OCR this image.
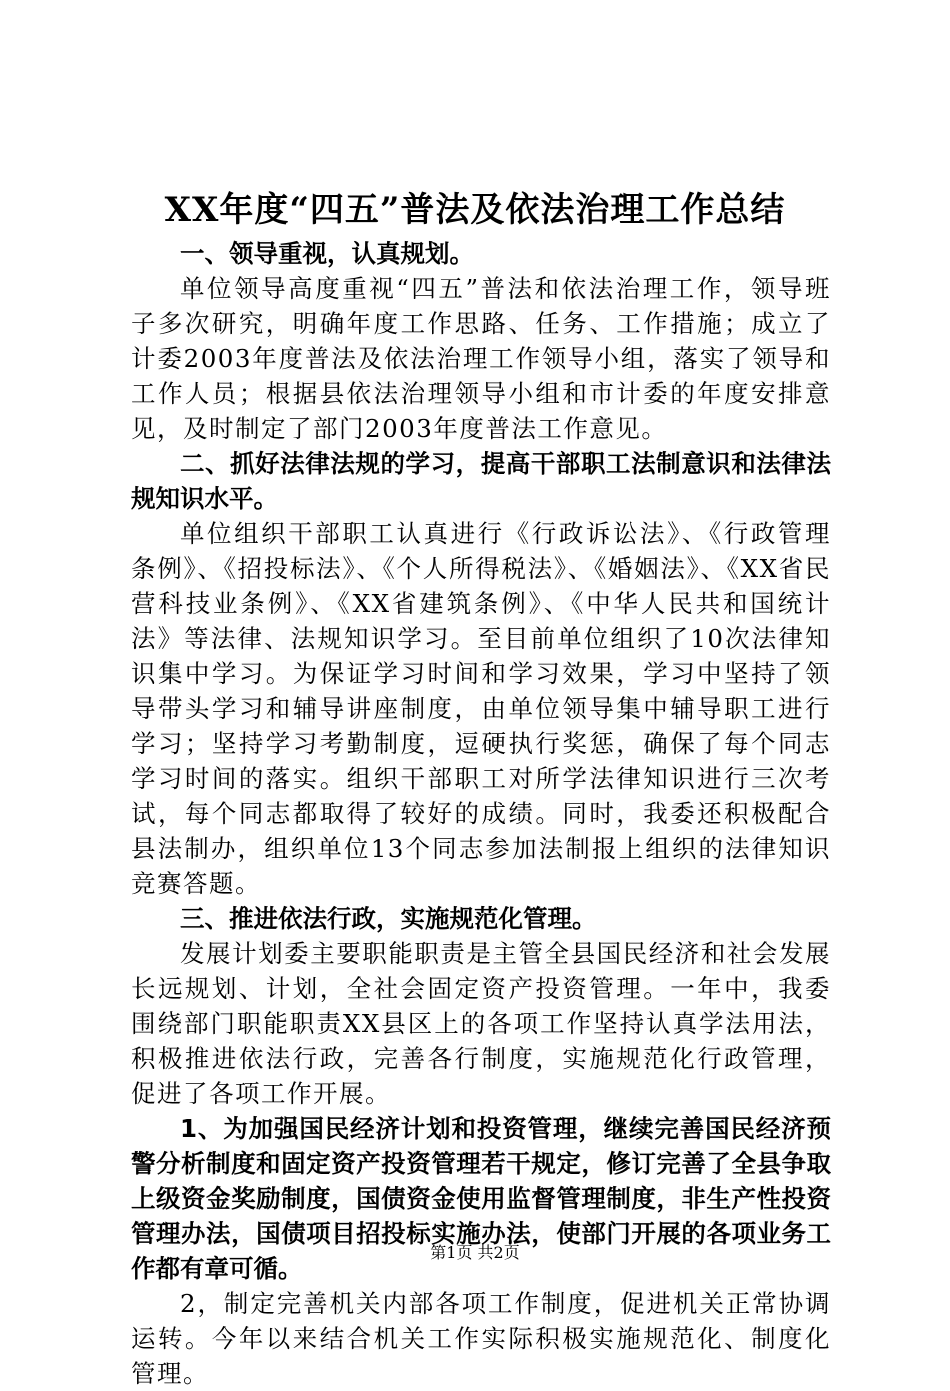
XX年度“四五”普法及依法治理工作总结

一、领导重视，认真规划。

单位领导高度重视“四五”普法和依法治理工作，领导班子多次研究，明确年度工作思路、任务、工作措施；成立了计委2003年度普法及依法治理工作领导小组，落实了领导和工作人员；根据县依法治理领导小组和市计委的年度安排意见，及时制定了部门2003年度普法工作意见。

二、抓好法律法规的学习，提高干部职工法制意识和法律法规知识水平。

单位组织干部职工认真进行《行政诉讼法》、《行政管理条例》、《招投标法》、《个人所得税法》、《婚姻法》、《XX省民营科技业条例》、《XX省建筑条例》、《中华人民共和国统计法》等法律、法规知识学习。至目前单位组织了10次法律知识集中学习。为保证学习时间和学习效果，学习中坚持了领导带头学习和辅导讲座制度，由单位领导集中辅导职工进行学习；坚持学习考勤制度，逗硬执行奖惩，确保了每个同志学习时间的落实。组织干部职工对所学法律知识进行三次考试，每个同志都取得了较好的成绩。同时，我委还积极配合县法制办，组织单位13个同志参加法制报上组织的法律知识竞赛答题。

三、推进依法行政，实施规范化管理。

发展计划委主要职能职责是主管全县国民经济和社会发展长远规划、计划，全社会固定资产投资管理。一年中，我委围绕部门职能职责XX县区上的各项工作坚持认真学法用法，积极推进依法行政，完善各行制度，实施规范化行政管理，促进了各项工作开展。

1、为加强国民经济计划和投资管理，继续完善国民经济预警分析制度和固定资产投资管理若干规定，修订完善了全县争取上级资金奖励制度，国债资金使用监督管理制度，非生产性投资管理办法，国债项目招投标实施办法，使部门开展的各项业务工作都有章可循。

2，制定完善机关内部各项工作制度，促进机关正常协调运转。今年以来结合机关工作实际积极实施规范化、制度化管理。

第1页 共2页
